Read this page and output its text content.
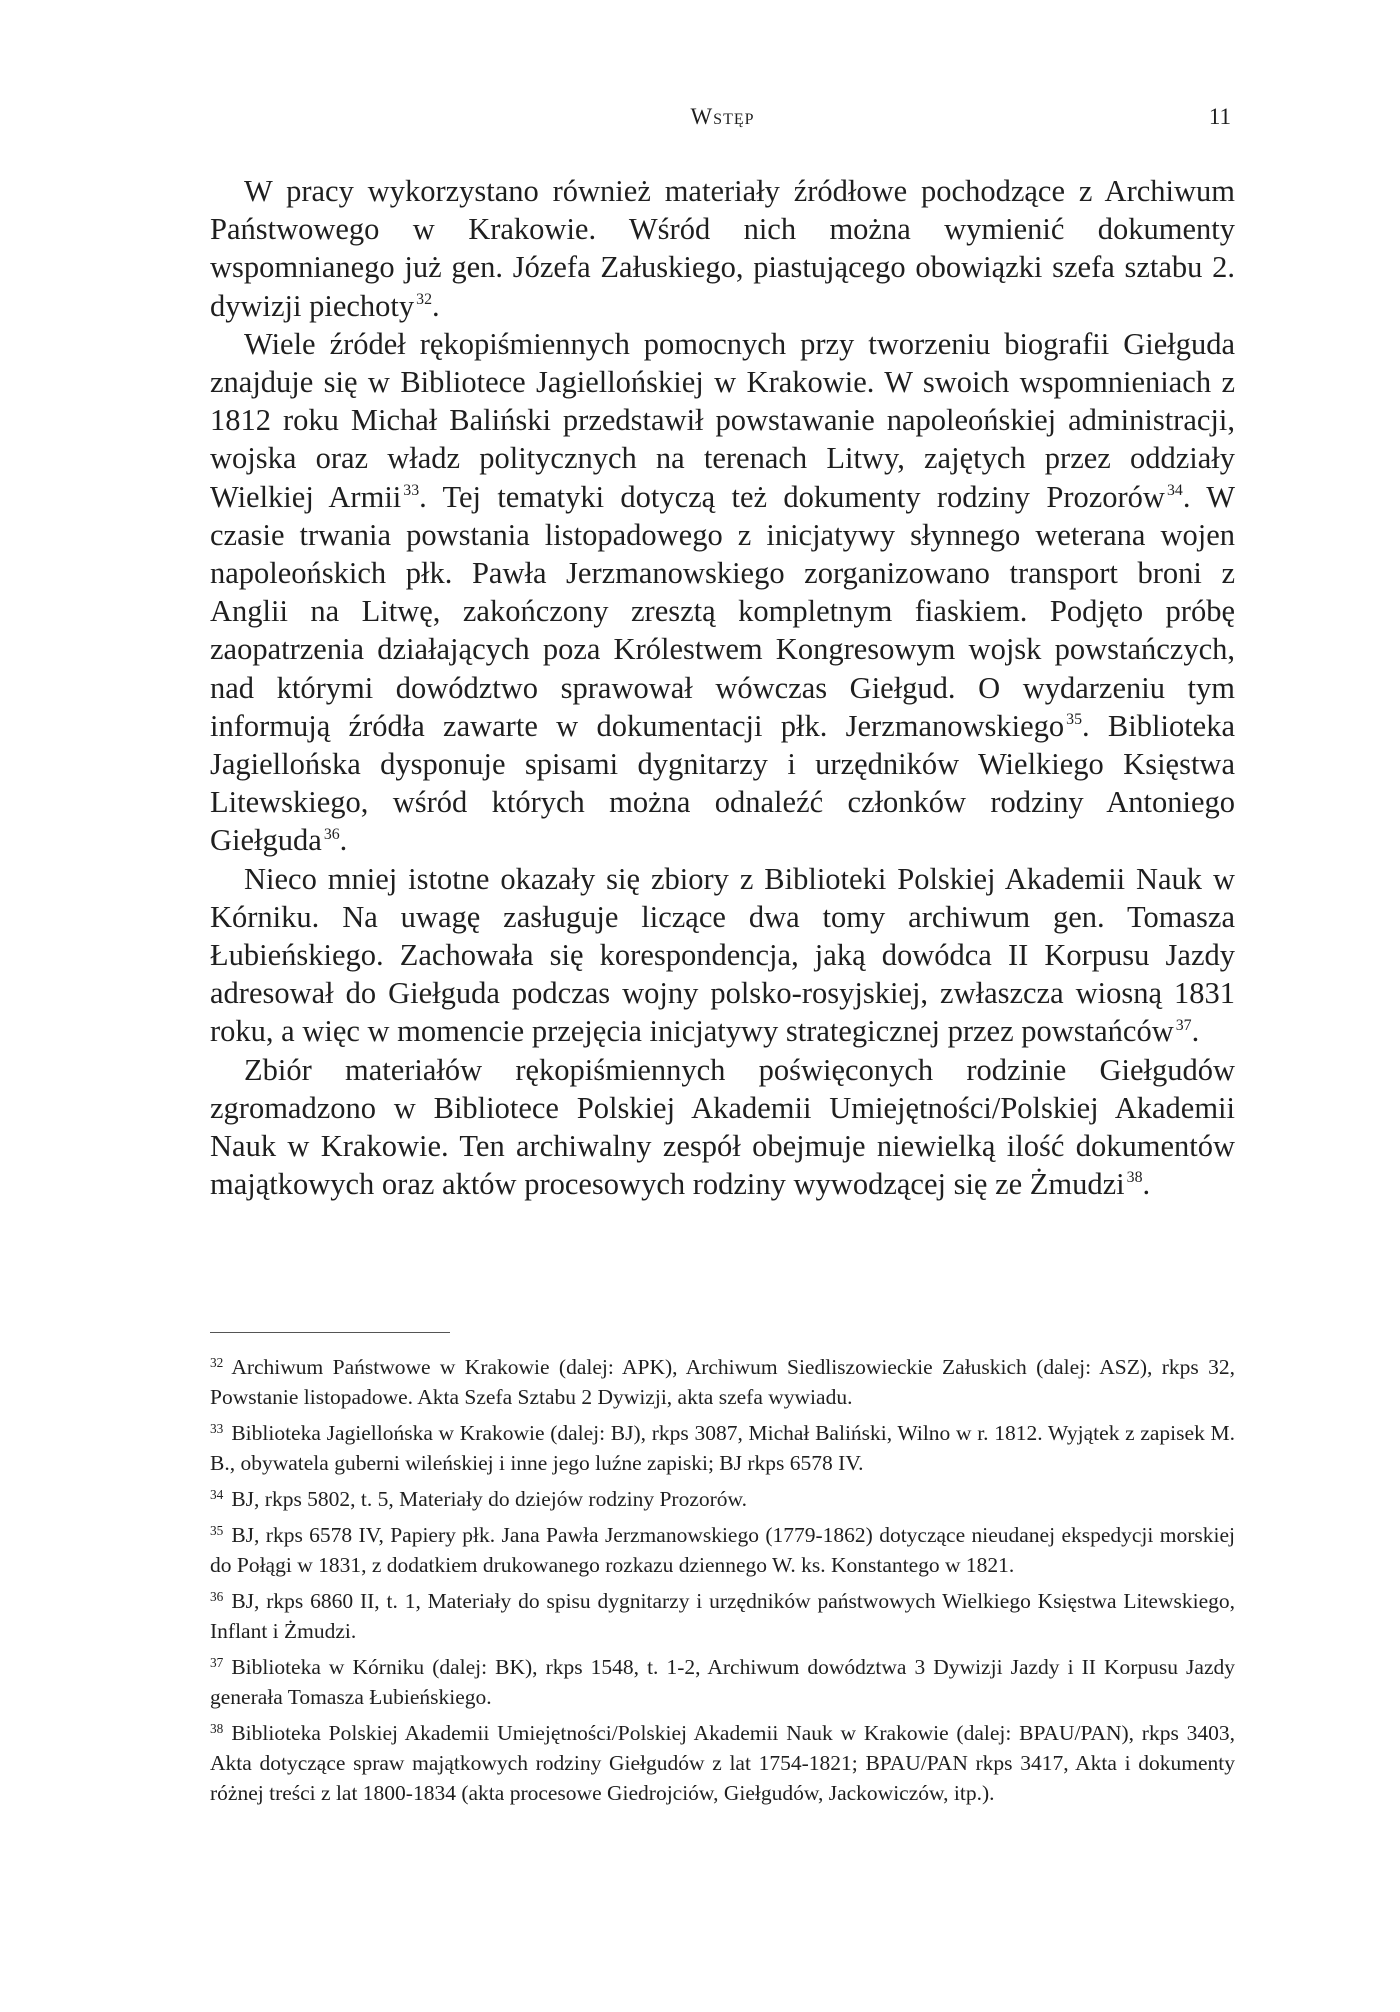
Wstęp	11

W pracy wykorzystano również materiały źródłowe pochodzące z Archiwum Państwowego w Krakowie. Wśród nich można wymienić dokumenty wspomnianego już gen. Józefa Załuskiego, piastującego obowiązki szefa sztabu 2. dywizji piechoty $^{32}$.

Wiele źródeł rękopiśmiennych pomocnych przy tworzeniu biografii Giełguda znajduje się w Bibliotece Jagiellońskiej w Krakowie. W swoich wspomnieniach z 1812 roku Michał Baliński przedstawił powstawanie napoleońskiej administracji, wojska oraz władz politycznych na terenach Litwy, zajętych przez oddziały Wielkiej Armii $^{33}$. Tej tematyki dotyczą też dokumenty rodziny Prozorów $^{34}$. W czasie trwania powstania listopadowego z inicjatywy słynnego weterana wojen napoleońskich płk. Pawła Jerzmanowskiego zorganizowano transport broni z Anglii na Litwę, zakończony zresztą kompletnym fiaskiem. Podjęto próbę zaopatrzenia działających poza Królestwem Kongresowym wojsk powstańczych, nad którymi dowództwo sprawował wówczas Giełgud. O wydarzeniu tym informują źródła zawarte w dokumentacji płk. Jerzmanowskiego $^{35}$. Biblioteka Jagiellońska dysponuje spisami dygnitarzy i urzędników Wielkiego Księstwa Litewskiego, wśród których można odnaleźć członków rodziny Antoniego Giełguda $^{36}$.

Nieco mniej istotne okazały się zbiory z Biblioteki Polskiej Akademii Nauk w Kórniku. Na uwagę zasługuje liczące dwa tomy archiwum gen. Tomasza Łubieńskiego. Zachowała się korespondencja, jaką dowódca II Korpusu Jazdy adresował do Giełguda podczas wojny polsko-rosyjskiej, zwłaszcza wiosną 1831 roku, a więc w momencie przejęcia inicjatywy strategicznej przez powstańców $^{37}$.

Zbiór materiałów rękopiśmiennych poświęconych rodzinie Giełgudów zgromadzono w Bibliotece Polskiej Akademii Umiejętności/Polskiej Akademii Nauk w Krakowie. Ten archiwalny zespół obejmuje niewielką ilość dokumentów majątkowych oraz aktów procesowych rodziny wywodzącej się ze Żmudzi $^{38}$.

$^{32}$ Archiwum Państwowe w Krakowie (dalej: APK), Archiwum Siedliszowieckie Załuskich (dalej: ASZ), rkps 32, Powstanie listopadowe. Akta Szefa Sztabu 2 Dywizji, akta szefa wywiadu.

$^{33}$ Biblioteka Jagiellońska w Krakowie (dalej: BJ), rkps 3087, Michał Baliński, Wilno w r. 1812. Wyjątek z zapisek M. B., obywatela guberni wileńskiej i inne jego luźne zapiski; BJ rkps 6578 IV.

$^{34}$ BJ, rkps 5802, t. 5, Materiały do dziejów rodziny Prozorów.

$^{35}$ BJ, rkps 6578 IV, Papiery płk. Jana Pawła Jerzmanowskiego (1779-1862) dotyczące nieudanej ekspedycji morskiej do Połągi w 1831, z dodatkiem drukowanego rozkazu dziennego W. ks. Konstantego w 1821.

$^{36}$ BJ, rkps 6860 II, t. 1, Materiały do spisu dygnitarzy i urzędników państwowych Wielkiego Księstwa Litewskiego, Inflant i Żmudzi.

$^{37}$ Biblioteka w Kórniku (dalej: BK), rkps 1548, t. 1-2, Archiwum dowództwa 3 Dywizji Jazdy i II Korpusu Jazdy generała Tomasza Łubieńskiego.

$^{38}$ Biblioteka Polskiej Akademii Umiejętności/Polskiej Akademii Nauk w Krakowie (dalej: BPAU/PAN), rkps 3403, Akta dotyczące spraw majątkowych rodziny Giełgudów z lat 1754-1821; BPAU/PAN rkps 3417, Akta i dokumenty różnej treści z lat 1800-1834 (akta procesowe Giedrojciów, Giełgudów, Jackowiczów, itp.).
